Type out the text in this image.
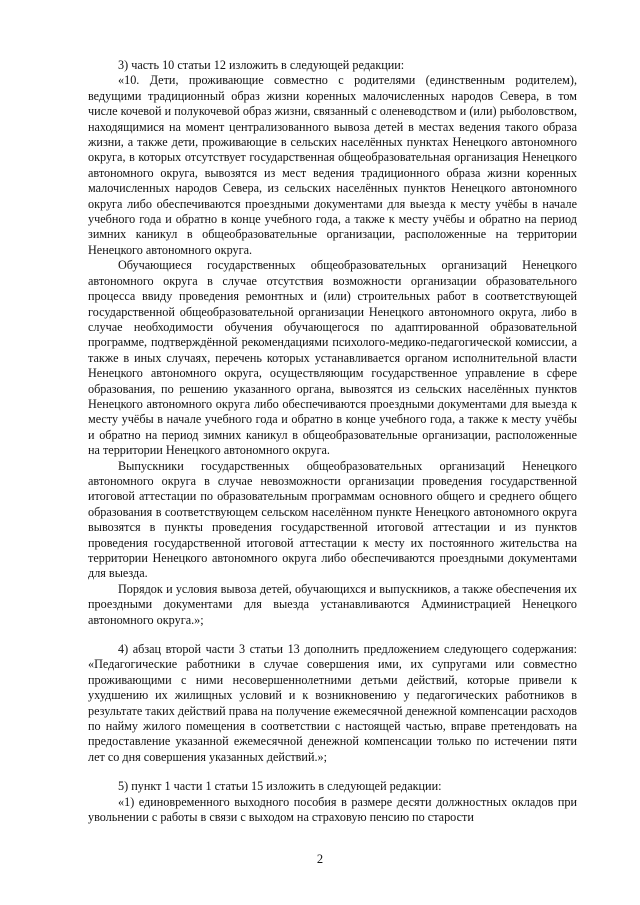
3) часть 10 статьи 12 изложить в следующей редакции:

«10. Дети, проживающие совместно с родителями (единственным родителем), ведущими традиционный образ жизни коренных малочисленных народов Севера, в том числе кочевой и полукочевой образ жизни, связанный с оленеводством и (или) рыболовством, находящимися на момент централизованного вывоза детей в местах ведения такого образа жизни, а также дети, проживающие в сельских населённых пунктах Ненецкого автономного округа, в которых отсутствует государственная общеобразовательная организация Ненецкого автономного округа, вывозятся из мест ведения традиционного образа жизни коренных малочисленных народов Севера, из сельских населённых пунктов Ненецкого автономного округа либо обеспечиваются проездными документами для выезда к месту учёбы в начале учебного года и обратно в конце учебного года, а также к месту учёбы и обратно на период зимних каникул в общеобразовательные организации, расположенные на территории Ненецкого автономного округа.

Обучающиеся государственных общеобразовательных организаций Ненецкого автономного округа в случае отсутствия возможности организации образовательного процесса ввиду проведения ремонтных и (или) строительных работ в соответствующей государственной общеобразовательной организации Ненецкого автономного округа, либо в случае необходимости обучения обучающегося по адаптированной образовательной программе, подтверждённой рекомендациями психолого-медико-педагогической комиссии, а также в иных случаях, перечень которых устанавливается органом исполнительной власти Ненецкого автономного округа, осуществляющим государственное управление в сфере образования, по решению указанного органа, вывозятся из сельских населённых пунктов Ненецкого автономного округа либо обеспечиваются проездными документами для выезда к месту учёбы в начале учебного года и обратно в конце учебного года, а также к месту учёбы и обратно на период зимних каникул в общеобразовательные организации, расположенные на территории Ненецкого автономного округа.

Выпускники государственных общеобразовательных организаций Ненецкого автономного округа в случае невозможности организации проведения государственной итоговой аттестации по образовательным программам основного общего и среднего общего образования в соответствующем сельском населённом пункте Ненецкого автономного округа вывозятся в пункты проведения государственной итоговой аттестации и из пунктов проведения государственной итоговой аттестации к месту их постоянного жительства на территории Ненецкого автономного округа либо обеспечиваются проездными документами для выезда.

Порядок и условия вывоза детей, обучающихся и выпускников, а также обеспечения их проездными документами для выезда устанавливаются Администрацией Ненецкого автономного округа.»;

4) абзац второй части 3 статьи 13 дополнить предложением следующего содержания: «Педагогические работники в случае совершения ими, их супругами или совместно проживающими с ними несовершеннолетними детьми действий, которые привели к ухудшению их жилищных условий и к возникновению у педагогических работников в результате таких действий права на получение ежемесячной денежной компенсации расходов по найму жилого помещения в соответствии с настоящей частью, вправе претендовать на предоставление указанной ежемесячной денежной компенсации только по истечении пяти лет со дня совершения указанных действий.»;

5) пункт 1 части 1 статьи 15 изложить в следующей редакции:

«1) единовременного выходного пособия в размере десяти должностных окладов при увольнении с работы в связи с выходом на страховую пенсию по старости

2
